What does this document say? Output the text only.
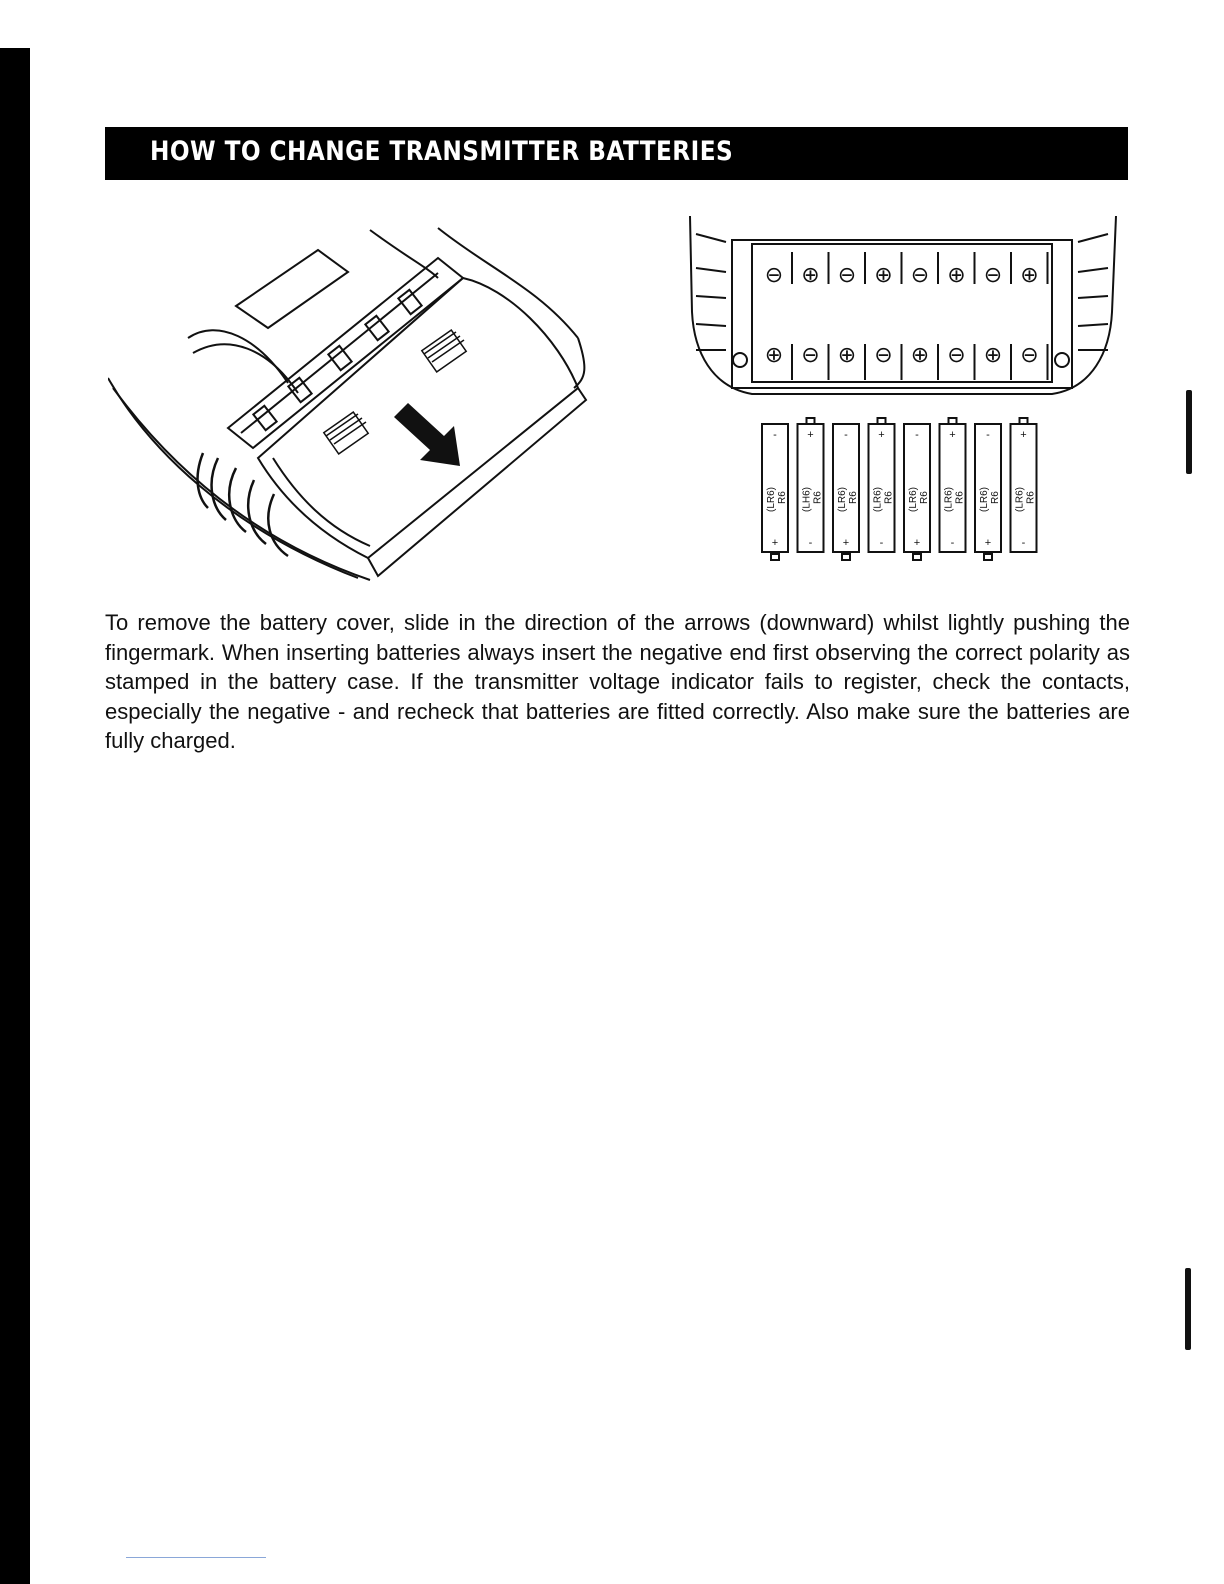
HOW TO CHANGE TRANSMITTER BATTERIES
⊖ ⊕ ⊖ ⊕ ⊖ ⊕ ⊖ ⊕
⊕ ⊖ ⊕ ⊖ ⊕ ⊖ ⊕ ⊖
-
+
(LR6) R6
+
-
(LH6) R6
-
+
(LR6) R6
+
-
(LR6) R6
-
+
(LR6) R6
+
-
(LR6) R6
-
+
(LR6) R6
+
-
(LR6) R6

To remove the battery cover, slide in the direction of the arrows (downward) whilst lightly pushing the fingermark. When inserting batteries always insert the negative end first observing the correct polarity as stamped in the battery case. If the transmitter voltage indicator fails to register, check the contacts, especially the negative - and recheck that batteries are fitted correctly. Also make sure the batteries are fully charged.
